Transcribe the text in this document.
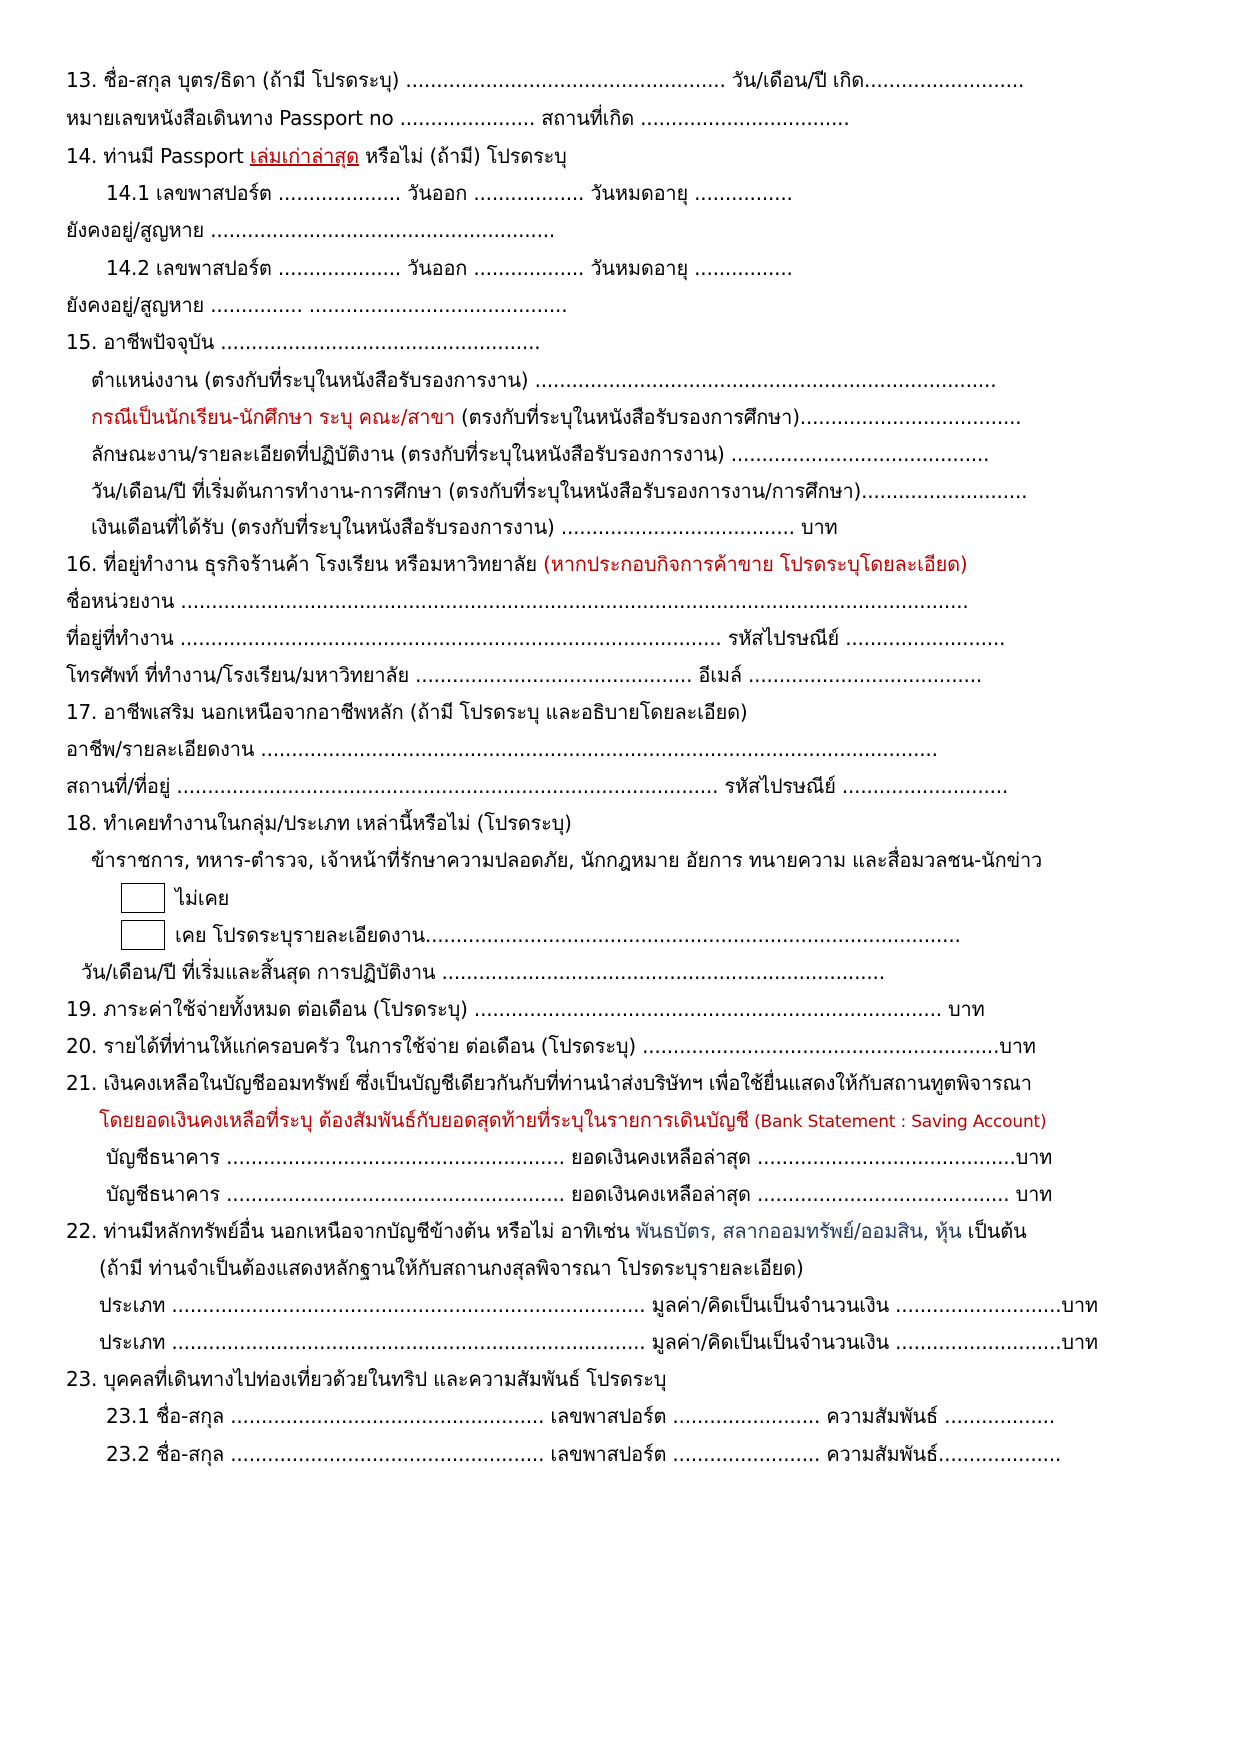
13. ชื่อ-สกุล บุตร/ธิดา (ถ้ามี โปรดระบุ) .................................................... วัน/เดือน/ปี เกิด..........................
หมายเลขหนังสือเดินทาง Passport no ...................... สถานที่เกิด ..................................
14. ท่านมี Passport เล่มเก่าล่าสุด หรือไม่ (ถ้ามี) โปรดระบุ
14.1 เลขพาสปอร์ต .................... วันออก .................. วันหมดอายุ ................
ยังคงอยู่/สูญหาย ........................................................
14.2 เลขพาสปอร์ต .................... วันออก .................. วันหมดอายุ ................
ยังคงอยู่/สูญหาย ............... ..........................................
15. อาชีพปัจจุบัน ....................................................
ตำแหน่งงาน (ตรงกับที่ระบุในหนังสือรับรองการงาน) ...........................................................................
กรณีเป็นนักเรียน-นักศึกษา ระบุ คณะ/สาขา (ตรงกับที่ระบุในหนังสือรับรองการศึกษา)....................................
ลักษณะงาน/รายละเอียดที่ปฏิบัติงาน (ตรงกับที่ระบุในหนังสือรับรองการงาน) ..........................................
วัน/เดือน/ปี ที่เริ่มต้นการทำงาน-การศึกษา (ตรงกับที่ระบุในหนังสือรับรองการงาน/การศึกษา)...........................
เงินเดือนที่ได้รับ (ตรงกับที่ระบุในหนังสือรับรองการงาน) ...................................... บาท
16. ที่อยู่ทำงาน ธุรกิจร้านค้า โรงเรียน หรือมหาวิทยาลัย (หากประกอบกิจการค้าขาย โปรดระบุโดยละเอียด)
ชื่อหน่วยงาน ................................................................................................................................
ที่อยู่ที่ทำงาน ........................................................................................ รหัสไปรษณีย์ ..........................
โทรศัพท์ ที่ทำงาน/โรงเรียน/มหาวิทยาลัย ............................................. อีเมล์ ......................................
17. อาชีพเสริม นอกเหนือจากอาชีพหลัก (ถ้ามี โปรดระบุ และอธิบายโดยละเอียด)
อาชีพ/รายละเอียดงาน ..............................................................................................................
สถานที่/ที่อยู่ ........................................................................................ รหัสไปรษณีย์ ...........................
18. ทำเคยทำงานในกลุ่ม/ประเภท เหล่านี้หรือไม่ (โปรดระบุ)
ข้าราชการ, ทหาร-ตำรวจ, เจ้าหน้าที่รักษาความปลอดภัย, นักกฎหมาย อัยการ ทนายความ และสื่อมวลชน-นักข่าว
ไม่เคย
เคย โปรดระบุรายละเอียดงาน.......................................................................................
วัน/เดือน/ปี ที่เริ่มและสิ้นสุด การปฏิบัติงาน ........................................................................
19. ภาระค่าใช้จ่ายทั้งหมด ต่อเดือน (โปรดระบุ) ............................................................................ บาท
20. รายได้ที่ท่านให้แก่ครอบครัว ในการใช้จ่าย ต่อเดือน (โปรดระบุ) ..........................................................บาท
21. เงินคงเหลือในบัญชีออมทรัพย์ ซึ่งเป็นบัญชีเดียวกันกับที่ท่านนำส่งบริษัทฯ เพื่อใช้ยื่นแสดงให้กับสถานทูตพิจารณา
โดยยอดเงินคงเหลือที่ระบุ ต้องสัมพันธ์กับยอดสุดท้ายที่ระบุในรายการเดินบัญชี (Bank Statement : Saving Account)
บัญชีธนาคาร ....................................................... ยอดเงินคงเหลือล่าสุด ..........................................บาท
บัญชีธนาคาร ....................................................... ยอดเงินคงเหลือล่าสุด ......................................... บาท
22. ท่านมีหลักทรัพย์อื่น นอกเหนือจากบัญชีข้างต้น หรือไม่ อาทิเช่น พันธบัตร, สลากออมทรัพย์/ออมสิน, หุ้น เป็นต้น
(ถ้ามี ท่านจำเป็นต้องแสดงหลักฐานให้กับสถานกงสุลพิจารณา โปรดระบุรายละเอียด)
ประเภท ............................................................................. มูลค่า/คิดเป็นเป็นจำนวนเงิน ...........................บาท
ประเภท ............................................................................. มูลค่า/คิดเป็นเป็นจำนวนเงิน ...........................บาท
23. บุคคลที่เดินทางไปท่องเที่ยวด้วยในทริป และความสัมพันธ์ โปรดระบุ
23.1 ชื่อ-สกุล ................................................... เลขพาสปอร์ต ........................ ความสัมพันธ์ ..................
23.2 ชื่อ-สกุล ................................................... เลขพาสปอร์ต ........................ ความสัมพันธ์....................
